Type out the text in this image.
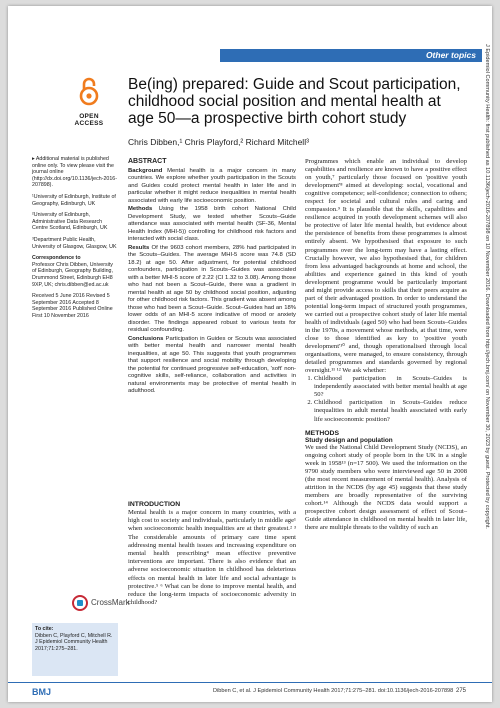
Other topics	J Epidemiol Community Health: first published as 10.1136/jech-2016-207898 on 10 November 2016. Downloaded from http://jech.bmj.com/ on November 30, 2023 by guest. Protected by copyright.
OPEN ACCESS
Be(ing) prepared: Guide and Scout participation, childhood social position and mental health at age 50—a prospective birth cohort study
Chris Dibben,¹ Chris Playford,² Richard Mitchell³

▸ Additional material is published online only. To view please visit the journal online (http://dx.doi.org/10.1136/jech-2016-207898).

¹University of Edinburgh, Institute of Geography, Edinburgh, UK

²University of Edinburgh, Administrative Data Research Centre Scotland, Edinburgh, UK

³Department Public Health, University of Glasgow, Glasgow, UK

Correspondence to
Professor Chris Dibben, University of Edinburgh, Geography Building, Drummond Street, Edinburgh EH8 9XP, UK; chris.dibben@ed.ac.uk

Received 5 June 2016 Revised 5 September 2016 Accepted 8 September 2016 Published Online First 10 November 2016

ABSTRACT

Background Mental health is a major concern in many countries. We explore whether youth participation in the Scouts and Guides could protect mental health in later life and in particular whether it might reduce inequalities in mental health associated with early life socioeconomic position.

Methods Using the 1958 birth cohort National Child Development Study, we tested whether Scouts–Guide attendance was associated with mental health (SF-36, Mental Health Index (MHI-5)) controlling for childhood risk factors and interacted with social class.

Results Of the 9603 cohort members, 28% had participated in the Scouts–Guides. The average MHI-5 score was 74.8 (SD 18.2) at age 50. After adjustment, for potential childhood confounders, participation in Scouts–Guides was associated with a better MHI-5 score of 2.22 (CI 1.32 to 3.08). Among those who had not been a Scout–Guide, there was a gradient in mental health at age 50 by childhood social position, adjusting for other childhood risk factors. This gradient was absent among those who had been a Scout–Guide. Scout–Guides had an 18% lower odds of an MHI-5 score indicative of mood or anxiety disorder. The findings appeared robust to various tests for residual confounding.

Conclusions Participation in Guides or Scouts was associated with better mental health and narrower mental health inequalities, at age 50. This suggests that youth programmes that support resilience and social mobility through developing the potential for continued progressive self-education, 'soft' non-cognitive skills, self-reliance, collaboration and activities in natural environments may be protective of mental health in adulthood.

INTRODUCTION

Mental health is a major concern in many countries, with a high cost to society and individuals, particularly in middle age¹ when socioeconomic health inequalities are at their greatest.² ³ The considerable amounts of primary care time spent addressing mental health issues and increasing expenditure on mental health prescribing⁴ mean effective preventive interventions are important. There is also evidence that an adverse socioeconomic situation in childhood has deleterious effects on mental health in later life and social advantage is protective.⁵ ⁶ What can be done to improve mental health, and reduce the long-term impacts of socioeconomic adversity in childhood?

Programmes which enable an individual to develop capabilities and resilience are known to have a positive effect on youth,⁷ particularly those focused on 'positive youth development'⁸ aimed at developing: social, vocational and cognitive competence; self-confidence; connection to others; respect for societal and cultural rules and caring and compassion.⁹ It is plausible that the skills, capabilities and resilience acquired in youth development schemes will also be protective of later life mental health, but evidence about the persistence of benefits from these programmes is almost entirely absent. We hypothesised that exposure to such programmes over the long-term may have a lasting effect. Crucially however, we also hypothesised that, for children from less advantaged backgrounds at home and school, the abilities and experience gained in this kind of youth development programme would be particularly important and might provide access to skills that their peers acquire as part of their advantaged position. In order to understand the potential long-term impact of structured youth programmes, we carried out a prospective cohort study of later life mental health of individuals (aged 50) who had been Scouts–Guides in the 1970s, a movement whose methods, at that time, were close to those identified as key to 'positive youth development'¹⁰ and, though operationalised through local organisations, were managed, to ensure consistency, through detailed programmes and standards governed by regional oversight.¹¹ ¹² We ask whether:

1. Childhood participation in Scouts–Guides is independently associated with better mental health at age 50?
2. Childhood participation in Scouts–Guides reduce inequalities in adult mental health associated with early life socioeconomic position?
METHODS
Study design and population

We used the National Child Development Study (NCDS), an ongoing cohort study of people born in the UK in a single week in 1958¹³ (n=17 500). We used the information on the 9790 study members who were interviewed age 50 in 2008 (the most recent measurement of mental health). Analysis of attrition in the NCDS (by age 45) suggests that these study members are broadly representative of the surviving cohort.¹⁴ Although the NCDS data would support a prospective cohort design assessment of effect of Scout–Guide attendance in childhood on mental health in later life, there are multiple threats to the validity of such an

CrossMark
To cite:
Dibben C, Playford C, Mitchell R. J Epidemiol Community Health 2017;71:275–281.
BMJ	Dibben C, et al. J Epidemiol Community Health 2017;71:275–281. doi:10.1136/jech-2016-207898 275
